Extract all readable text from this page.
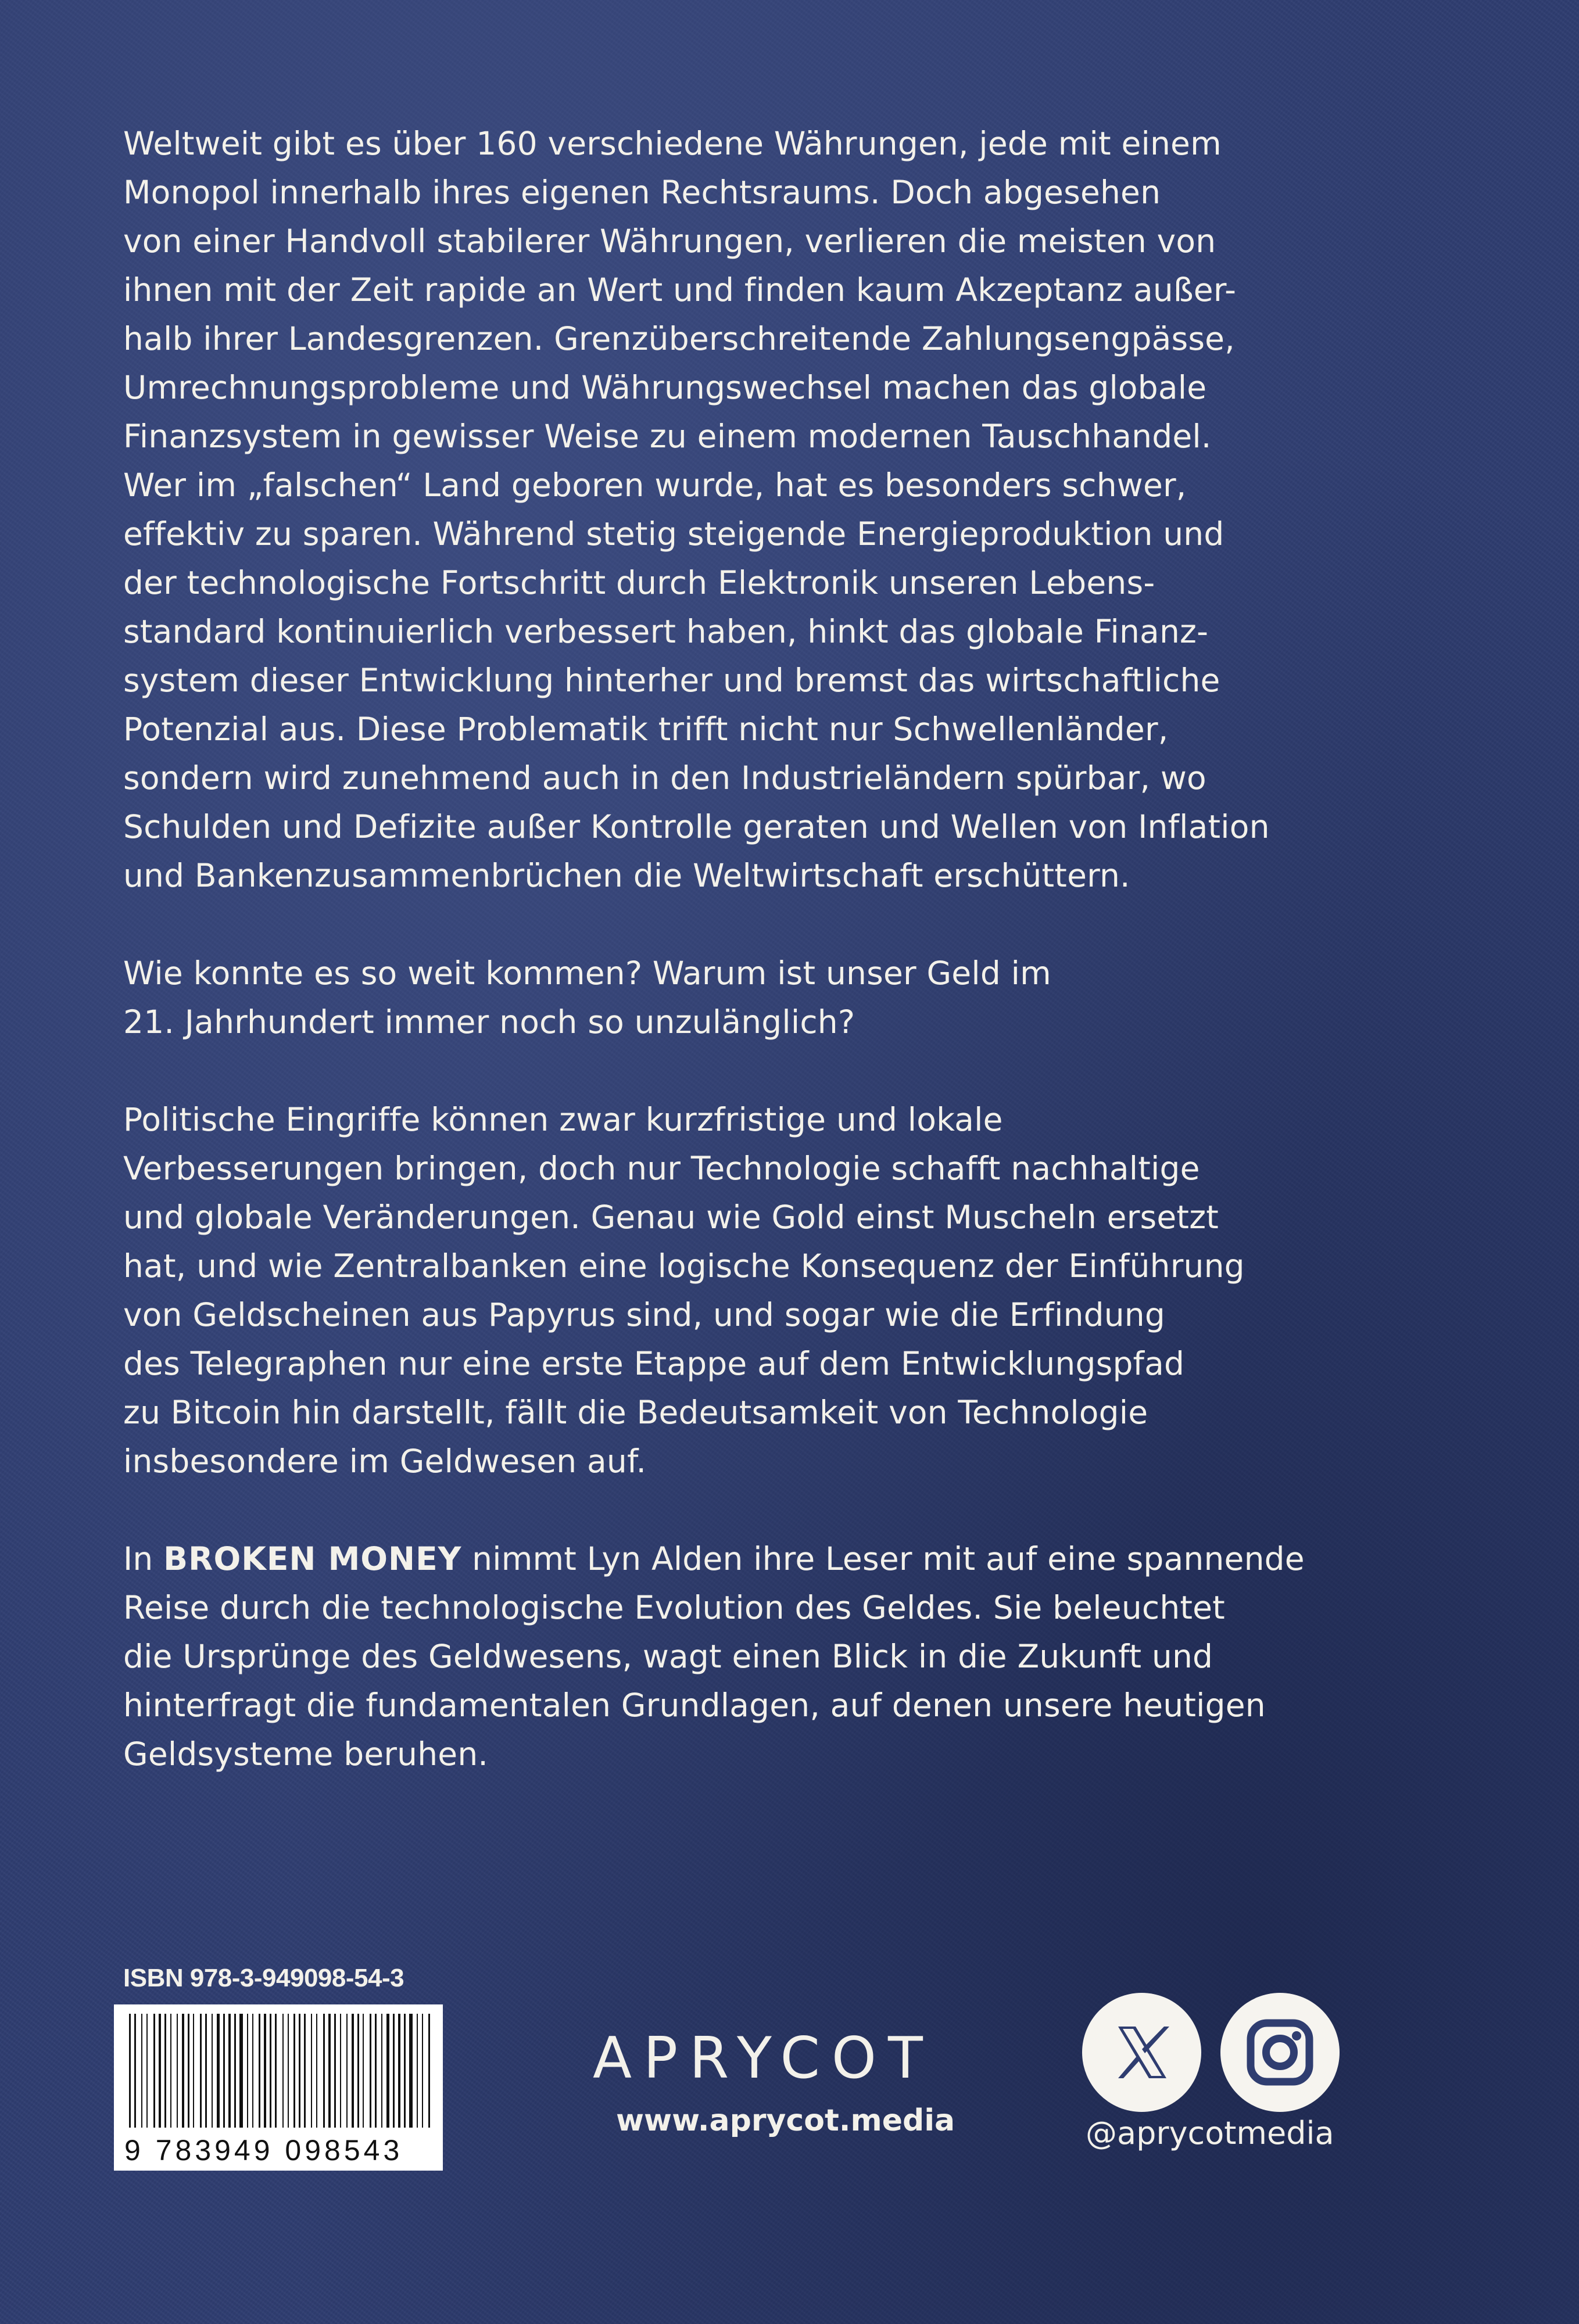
Weltweit gibt es über 160 verschiedene Währungen, jede mit einem
Monopol innerhalb ihres eigenen Rechtsraums. Doch abgesehen
von einer Handvoll stabilerer Währungen, verlieren die meisten von
ihnen mit der Zeit rapide an Wert und finden kaum Akzeptanz außer-
halb ihrer Landesgrenzen. Grenzüberschreitende Zahlungsengpässe,
Umrechnungsprobleme und Währungswechsel machen das globale
Finanzsystem in gewisser Weise zu einem modernen Tauschhandel.
Wer im „falschen“ Land geboren wurde, hat es besonders schwer,
effektiv zu sparen. Während stetig steigende Energieproduktion und
der technologische Fortschritt durch Elektronik unseren Lebens-
standard kontinuierlich verbessert haben, hinkt das globale Finanz-
system dieser Entwicklung hinterher und bremst das wirtschaftliche
Potenzial aus. Diese Problematik trifft nicht nur Schwellenländer,
sondern wird zunehmend auch in den Industrieländern spürbar, wo
Schulden und Defizite außer Kontrolle geraten und Wellen von Inflation
und Bankenzusammenbrüchen die Weltwirtschaft erschüttern.

Wie konnte es so weit kommen? Warum ist unser Geld im
21. Jahrhundert immer noch so unzulänglich?

Politische Eingriffe können zwar kurzfristige und lokale
Verbesserungen bringen, doch nur Technologie schafft nachhaltige
und globale Veränderungen. Genau wie Gold einst Muscheln ersetzt
hat, und wie Zentralbanken eine logische Konsequenz der Einführung
von Geldscheinen aus Papyrus sind, und sogar wie die Erfindung
des Telegraphen nur eine erste Etappe auf dem Entwicklungspfad
zu Bitcoin hin darstellt, fällt die Bedeutsamkeit von Technologie
insbesondere im Geldwesen auf.

In BROKEN MONEY nimmt Lyn Alden ihre Leser mit auf eine spannende
Reise durch die technologische Evolution des Geldes. Sie beleuchtet
die Ursprünge des Geldwesens, wagt einen Blick in die Zukunft und
hinterfragt die fundamentalen Grundlagen, auf denen unsere heutigen
Geldsysteme beruhen.

ISBN 978-3-949098-54-3
9 783949 098543
APRYCOT
www.aprycot.media	@aprycotmedia
